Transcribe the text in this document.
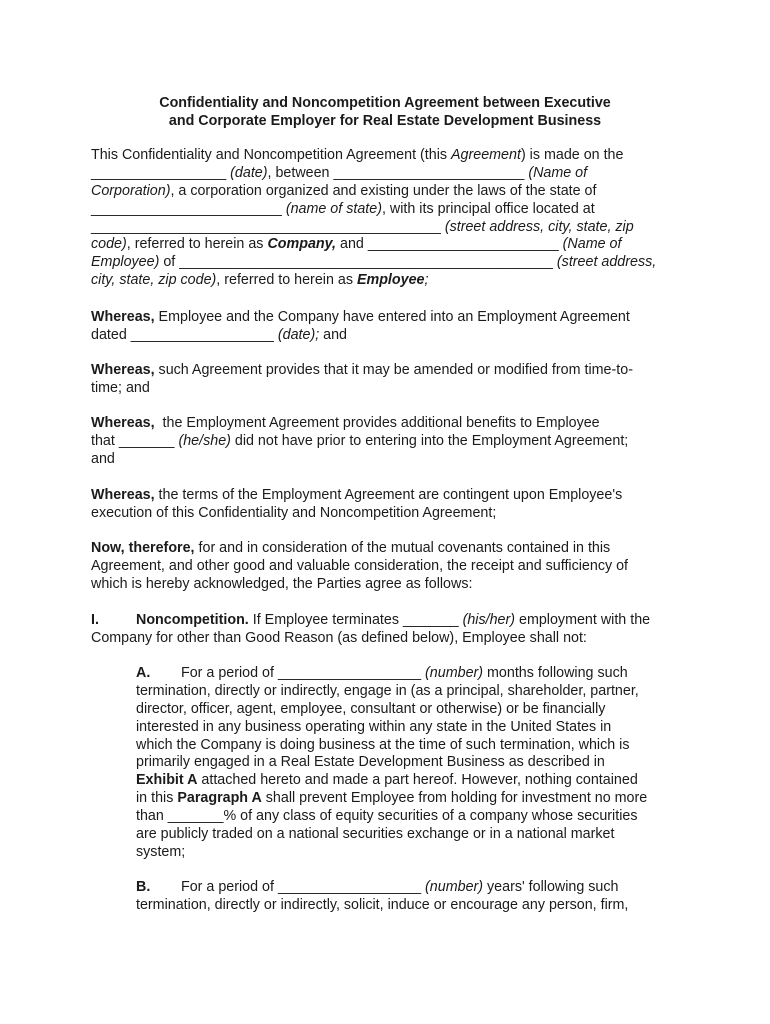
Confidentiality and Noncompetition Agreement between Executive
and Corporate Employer for Real Estate Development Business
This Confidentiality and Noncompetition Agreement (this Agreement) is made on the
_________________ (date), between ________________________ (Name of
Corporation), a corporation organized and existing under the laws of the state of
________________________ (name of state), with its principal office located at
____________________________________________ (street address, city, state, zip
code), referred to herein as Company, and ________________________ (Name of
Employee) of _______________________________________________ (street address,
city, state, zip code), referred to herein as Employee;
Whereas, Employee and the Company have entered into an Employment Agreement
dated __________________ (date); and
Whereas, such Agreement provides that it may be amended or modified from time-to-
time; and
Whereas,  the Employment Agreement provides additional benefits to Employee
that _______ (he/she) did not have prior to entering into the Employment Agreement;
and
Whereas, the terms of the Employment Agreement are contingent upon Employee's
execution of this Confidentiality and Noncompetition Agreement;
Now, therefore, for and in consideration of the mutual covenants contained in this
Agreement, and other good and valuable consideration, the receipt and sufficiency of
which is hereby acknowledged, the Parties agree as follows:
I.	Noncompetition. If Employee terminates _______ (his/her) employment with the
Company for other than Good Reason (as defined below), Employee shall not:
A. For a period of __________________ (number) months following such
termination, directly or indirectly, engage in (as a principal, shareholder, partner,
director, officer, agent, employee, consultant or otherwise) or be financially
interested in any business operating within any state in the United States in
which the Company is doing business at the time of such termination, which is
primarily engaged in a Real Estate Development Business as described in
Exhibit A attached hereto and made a part hereof. However, nothing contained
in this Paragraph A shall prevent Employee from holding for investment no more
than _______% of any class of equity securities of a company whose securities
are publicly traded on a national securities exchange or in a national market
system;
B. For a period of __________________ (number) years' following such
termination, directly or indirectly, solicit, induce or encourage any person, firm,
